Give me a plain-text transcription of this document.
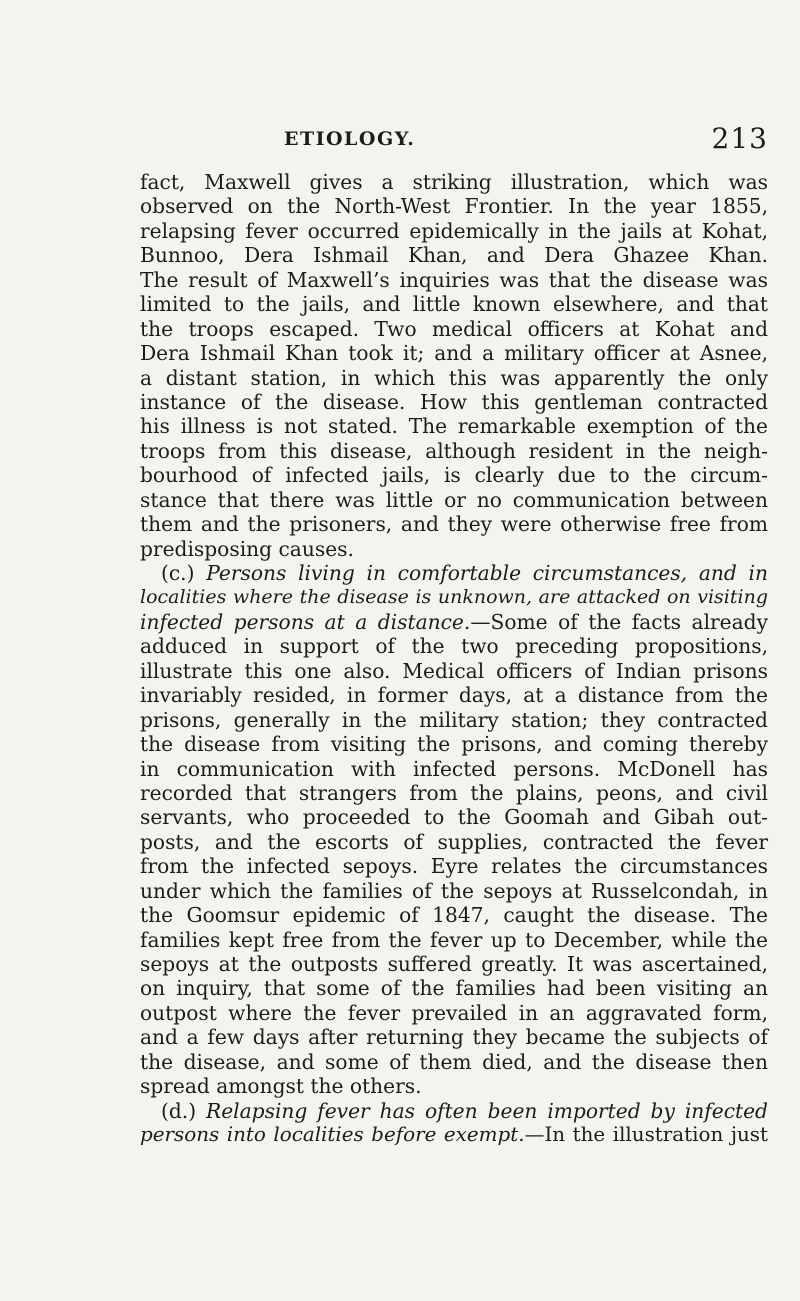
ETIOLOGY.	213
fact, Maxwell gives a striking illustration, which was
observed on the North-West Frontier. In the year 1855,
relapsing fever occurred epidemically in the jails at Kohat,
Bunnoo, Dera Ishmail Khan, and Dera Ghazee Khan.
The result of Maxwell’s inquiries was that the disease was
limited to the jails, and little known elsewhere, and that
the troops escaped. Two medical officers at Kohat and
Dera Ishmail Khan took it; and a military officer at Asnee,
a distant station, in which this was apparently the only
instance of the disease. How this gentleman contracted
his illness is not stated. The remarkable exemption of the
troops from this disease, although resident in the neigh-
bourhood of infected jails, is clearly due to the circum-
stance that there was little or no communication between
them and the prisoners, and they were otherwise free from
predisposing causes.
(c.) Persons living in comfortable circumstances, and in
localities where the disease is unknown, are attacked on visiting
infected persons at a distance.—Some of the facts already
adduced in support of the two preceding propositions,
illustrate this one also. Medical officers of Indian prisons
invariably resided, in former days, at a distance from the
prisons, generally in the military station; they contracted
the disease from visiting the prisons, and coming thereby
in communication with infected persons. McDonell has
recorded that strangers from the plains, peons, and civil
servants, who proceeded to the Goomah and Gibah out-
posts, and the escorts of supplies, contracted the fever
from the infected sepoys. Eyre relates the circumstances
under which the families of the sepoys at Russelcondah, in
the Goomsur epidemic of 1847, caught the disease. The
families kept free from the fever up to December, while the
sepoys at the outposts suffered greatly. It was ascertained,
on inquiry, that some of the families had been visiting an
outpost where the fever prevailed in an aggravated form,
and a few days after returning they became the subjects of
the disease, and some of them died, and the disease then
spread amongst the others.
(d.) Relapsing fever has often been imported by infected
persons into localities before exempt.—In the illustration just
